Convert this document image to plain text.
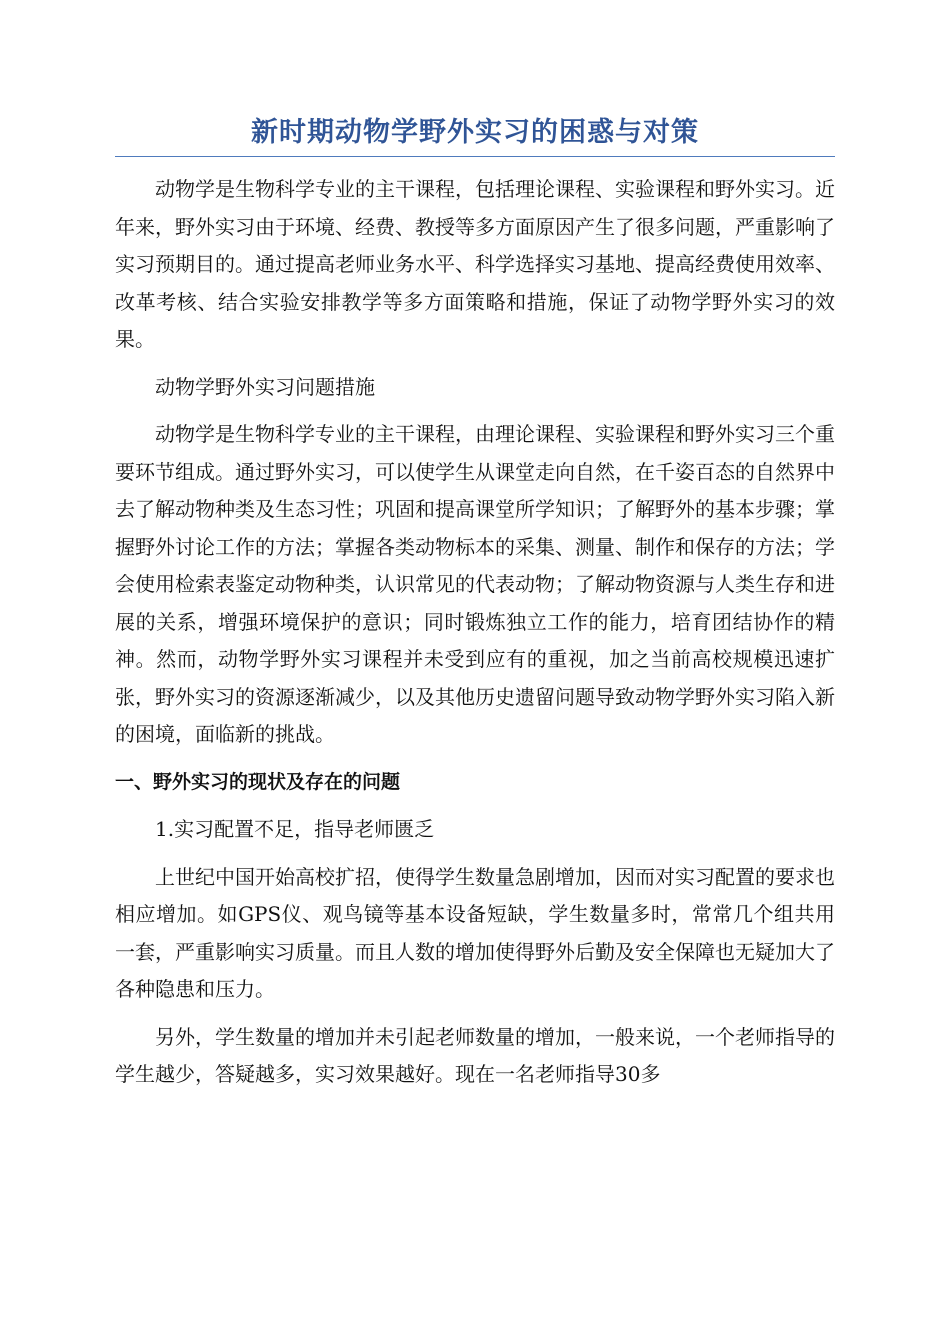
新时期动物学野外实习的困惑与对策

动物学是生物科学专业的主干课程，包括理论课程、实验课程和野外实习。近年来，野外实习由于环境、经费、教授等多方面原因产生了很多问题，严重影响了实习预期目的。通过提高老师业务水平、科学选择实习基地、提高经费使用效率、改革考核、结合实验安排教学等多方面策略和措施，保证了动物学野外实习的效果。

动物学野外实习问题措施

动物学是生物科学专业的主干课程，由理论课程、实验课程和野外实习三个重要环节组成。通过野外实习，可以使学生从课堂走向自然，在千姿百态的自然界中去了解动物种类及生态习性；巩固和提高课堂所学知识；了解野外的基本步骤；掌握野外讨论工作的方法；掌握各类动物标本的采集、测量、制作和保存的方法；学会使用检索表鉴定动物种类，认识常见的代表动物；了解动物资源与人类生存和进展的关系，增强环境保护的意识；同时锻炼独立工作的能力，培育团结协作的精神。然而，动物学野外实习课程并未受到应有的重视，加之当前高校规模迅速扩张，野外实习的资源逐渐减少，以及其他历史遗留问题导致动物学野外实习陷入新的困境，面临新的挑战。

一、野外实习的现状及存在的问题

1.实习配置不足，指导老师匮乏

上世纪中国开始高校扩招，使得学生数量急剧增加，因而对实习配置的要求也相应增加。如GPS仪、观鸟镜等基本设备短缺，学生数量多时，常常几个组共用一套，严重影响实习质量。而且人数的增加使得野外后勤及安全保障也无疑加大了各种隐患和压力。

另外，学生数量的增加并未引起老师数量的增加，一般来说，一个老师指导的学生越少，答疑越多，实习效果越好。现在一名老师指导30多
